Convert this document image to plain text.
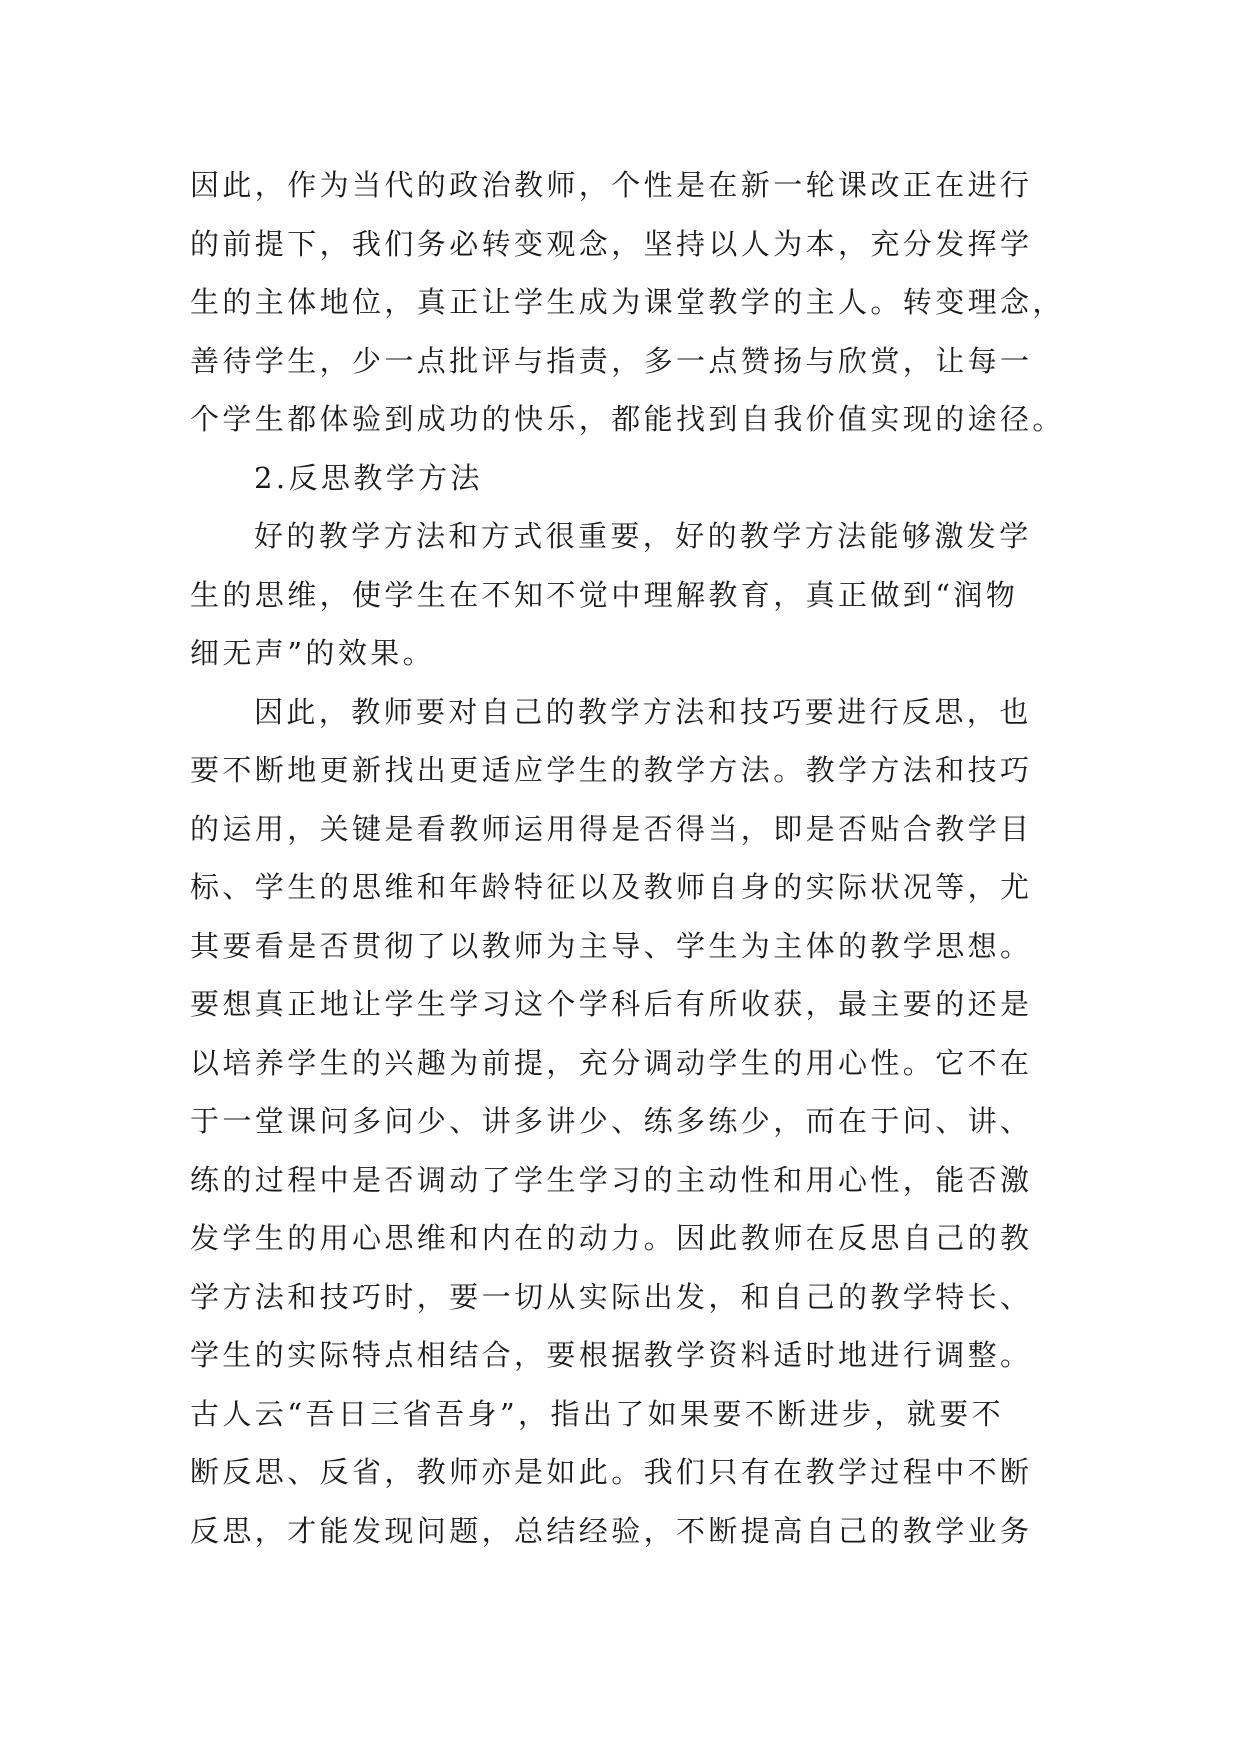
因此，作为当代的政治教师，个性是在新一轮课改正在进行

的前提下，我们务必转变观念，坚持以人为本，充分发挥学

生的主体地位，真正让学生成为课堂教学的主人。转变理念，

善待学生，少一点批评与指责，多一点赞扬与欣赏，让每一

个学生都体验到成功的快乐，都能找到自我价值实现的途径。

2.反思教学方法

好的教学方法和方式很重要，好的教学方法能够激发学

生的思维，使学生在不知不觉中理解教育，真正做到“润物

细无声”的效果。

因此，教师要对自己的教学方法和技巧要进行反思，也

要不断地更新找出更适应学生的教学方法。教学方法和技巧

的运用，关键是看教师运用得是否得当，即是否贴合教学目

标、学生的思维和年龄特征以及教师自身的实际状况等，尤

其要看是否贯彻了以教师为主导、学生为主体的教学思想。

要想真正地让学生学习这个学科后有所收获，最主要的还是

以培养学生的兴趣为前提，充分调动学生的用心性。它不在

于一堂课问多问少、讲多讲少、练多练少，而在于问、讲、

练的过程中是否调动了学生学习的主动性和用心性，能否激

发学生的用心思维和内在的动力。因此教师在反思自己的教

学方法和技巧时，要一切从实际出发，和自己的教学特长、

学生的实际特点相结合，要根据教学资料适时地进行调整。

古人云“吾日三省吾身”，指出了如果要不断进步，就要不

断反思、反省，教师亦是如此。我们只有在教学过程中不断

反思，才能发现问题，总结经验，不断提高自己的教学业务
